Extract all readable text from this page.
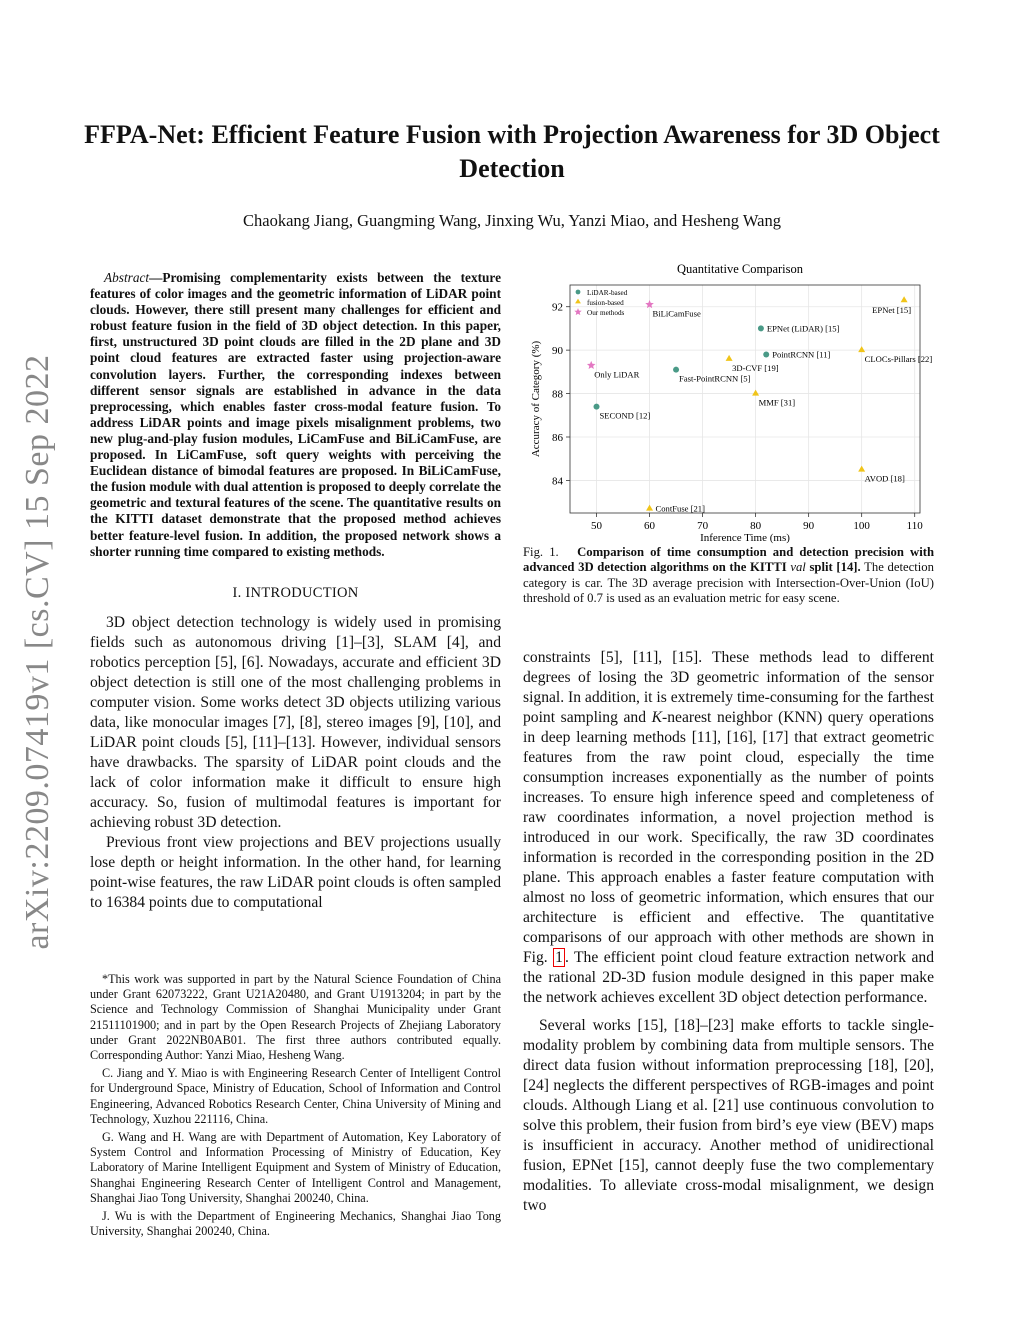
arXiv:2209.07419v1 [cs.CV] 15 Sep 2022
FFPA-Net: Efficient Feature Fusion with Projection Awareness for 3D Object Detection
Chaokang Jiang, Guangming Wang, Jinxing Wu, Yanzi Miao, and Hesheng Wang

Abstract—Promising complementarity exists between the texture features of color images and the geometric information of LiDAR point clouds. However, there still present many challenges for efficient and robust feature fusion in the field of 3D object detection. In this paper, first, unstructured 3D point clouds are filled in the 2D plane and 3D point cloud features are extracted faster using projection-aware convolution layers. Further, the corresponding indexes between different sensor signals are established in advance in the data preprocessing, which enables faster cross-modal feature fusion. To address LiDAR points and image pixels misalignment problems, two new plug-and-play fusion modules, LiCamFuse and BiLiCamFuse, are proposed. In LiCamFuse, soft query weights with perceiving the Euclidean distance of bimodal features are proposed. In BiLiCamFuse, the fusion module with dual attention is proposed to deeply correlate the geometric and textural features of the scene. The quantitative results on the KITTI dataset demonstrate that the proposed method achieves better feature-level fusion. In addition, the proposed network shows a shorter running time compared to existing methods.

I. INTRODUCTION

3D object detection technology is widely used in promising fields such as autonomous driving [1]–[3], SLAM [4], and robotics perception [5], [6]. Nowadays, accurate and efficient 3D object detection is still one of the most challenging problems in computer vision. Some works detect 3D objects utilizing various data, like monocular images [7], [8], stereo images [9], [10], and LiDAR point clouds [5], [11]–[13]. However, individual sensors have drawbacks. The sparsity of LiDAR point clouds and the lack of color information make it difficult to ensure high accuracy. So, fusion of multimodal features is important for achieving robust 3D detection.

Previous front view projections and BEV projections usually lose depth or height information. In the other hand, for learning point-wise features, the raw LiDAR point clouds is often sampled to 16384 points due to computational

*This work was supported in part by the Natural Science Foundation of China under Grant 62073222, Grant U21A20480, and Grant U1913204; in part by the Science and Technology Commission of Shanghai Municipality under Grant 21511101900; and in part by the Open Research Projects of Zhejiang Laboratory under Grant 2022NB0AB01. The first three authors contributed equally. Corresponding Author: Yanzi Miao, Hesheng Wang.

C. Jiang and Y. Miao is with Engineering Research Center of Intelligent Control for Underground Space, Ministry of Education, School of Information and Control Engineering, Advanced Robotics Research Center, China University of Mining and Technology, Xuzhou 221116, China.

G. Wang and H. Wang are with Department of Automation, Key Laboratory of System Control and Information Processing of Ministry of Education, Key Laboratory of Marine Intelligent Equipment and System of Ministry of Education, Shanghai Engineering Research Center of Intelligent Control and Management, Shanghai Jiao Tong University, Shanghai 200240, China.

J. Wu is with the Department of Engineering Mechanics, Shanghai Jiao Tong University, Shanghai 200240, China.

Quantitative Comparison
50	60	70	80	90	100	110
84
86
88
90
92
Inference Time (ms)
Accuracy of Category (%)
LiDAR-based
fusion-based
Our methods
SECOND [12]
Fast-PointRCNN [5]
PointRCNN [11]
EPNet (LiDAR) [15]
EPNet [15]
CLOCs-Pillars [22]
3D-CVF [19]
MMF [31]
AVOD [18]
ContFuse [21]
BiLiCamFuse
Only LiDAR
Fig. 1. Comparison of time consumption and detection precision with advanced 3D detection algorithms on the KITTI val split [14]. The detection category is car. The 3D average precision with Intersection-Over-Union (IoU) threshold of 0.7 is used as an evaluation metric for easy scene.

constraints [5], [11], [15]. These methods lead to different degrees of losing the 3D geometric information of the sensor signal. In addition, it is extremely time-consuming for the farthest point sampling and K-nearest neighbor (KNN) query operations in deep learning methods [11], [16], [17] that extract geometric features from the raw point cloud, especially the time consumption increases exponentially as the number of points increases. To ensure high inference speed and completeness of raw coordinates information, a novel projection method is introduced in our work. Specifically, the raw 3D coordinates information is recorded in the corresponding position in the 2D plane. This approach enables a faster feature computation with almost no loss of geometric information, which ensures that our architecture is efficient and effective. The quantitative comparisons of our approach with other methods are shown in Fig. 1 . The efficient point cloud feature extraction network and the rational 2D-3D fusion module designed in this paper make the network achieves excellent 3D object detection performance.

Several works [15], [18]–[23] make efforts to tackle single-modality problem by combining data from multiple sensors. The direct data fusion without information preprocessing [18], [20], [24] neglects the different perspectives of RGB-images and point clouds. Although Liang et al. [21] use continuous convolution to solve this problem, their fusion from bird’s eye view (BEV) maps is insufficient in accuracy. Another method of unidirectional fusion, EPNet [15], cannot deeply fuse the two complementary modalities. To alleviate cross-modal misalignment, we design two
